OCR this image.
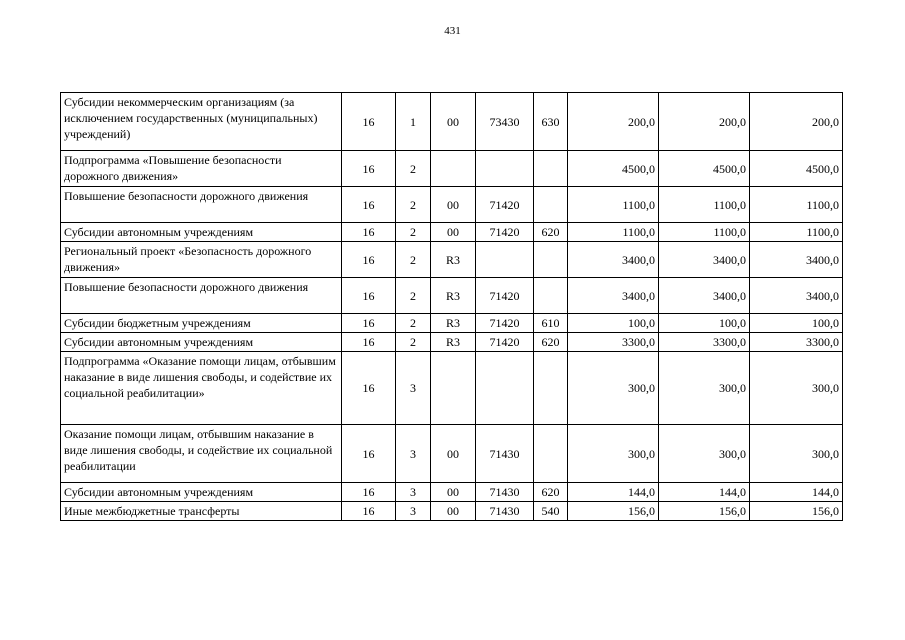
431
Субсидии некоммерческим организациям (за исключением государственных (муниципальных) учреждений)	16	1	00	73430	630	200,0	200,0	200,0
Подпрограмма «Повышение безопасности дорожного движения»	16	2				4500,0	4500,0	4500,0
Повышение безопасности дорожного движения	16	2	00	71420		1100,0	1100,0	1100,0
Субсидии автономным учреждениям	16	2	00	71420	620	1100,0	1100,0	1100,0
Региональный проект «Безопасность дорожного движения»	16	2	R3			3400,0	3400,0	3400,0
Повышение безопасности дорожного движения	16	2	R3	71420		3400,0	3400,0	3400,0
Субсидии бюджетным учреждениям	16	2	R3	71420	610	100,0	100,0	100,0
Субсидии автономным учреждениям	16	2	R3	71420	620	3300,0	3300,0	3300,0
Подпрограмма «Оказание помощи лицам, отбывшим наказание в виде лишения свободы, и содействие их социальной реабилитации»	16	3				300,0	300,0	300,0
Оказание помощи лицам, отбывшим наказание в виде лишения свободы, и содействие их социальной реабилитации	16	3	00	71430		300,0	300,0	300,0
Субсидии автономным учреждениям	16	3	00	71430	620	144,0	144,0	144,0
Иные межбюджетные трансферты	16	3	00	71430	540	156,0	156,0	156,0
